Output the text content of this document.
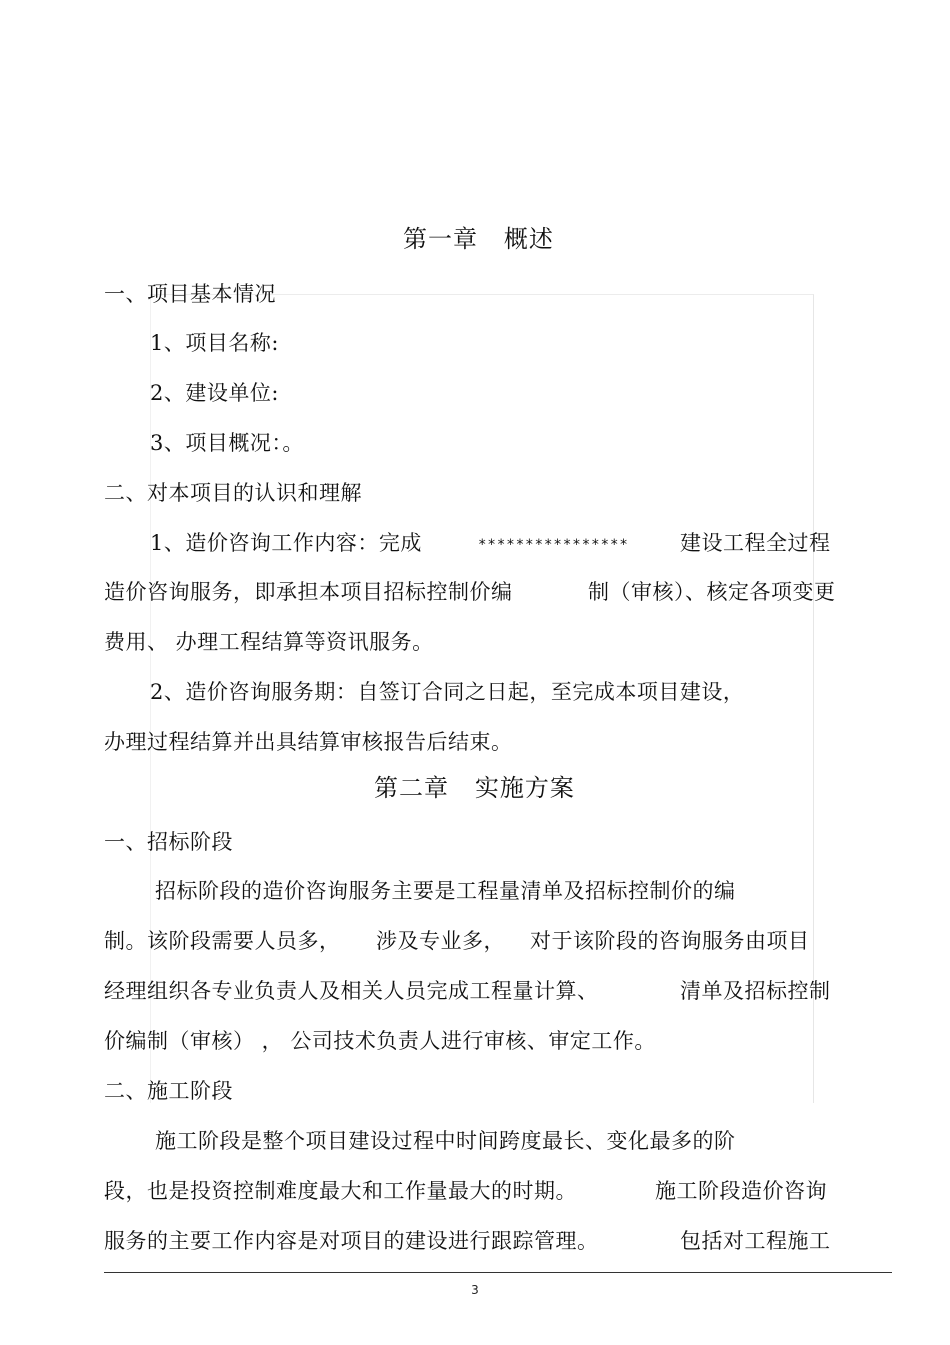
第一章   概述
一、项目基本情况
1、项目名称:
2、建设单位:
3、项目概况：。
二、对本项目的认识和理解
1、造价咨询工作内容：完成	**************** 建设工程全过程
造价咨询服务，即承担本项目招标控制价编	制（审核）、核定各项变更
费用、 办理工程结算等资讯服务。
2、造价咨询服务期：自签订合同之日起，至完成本项目建设，
办理过程结算并出具结算审核报告后结束。
第二章   实施方案
一、招标阶段
招标阶段的造价咨询服务主要是工程量清单及招标控制价的编
制。该阶段需要人员多， 涉及专业多， 对于该阶段的咨询服务由项目
经理组织各专业负责人及相关人员完成工程量计算、	清单及招标控制
价编制（审核） ， 公司技术负责人进行审核、审定工作。
二、施工阶段
施工阶段是整个项目建设过程中时间跨度最长、变化最多的阶
段，也是投资控制难度最大和工作量最大的时期。	施工阶段造价咨询
服务的主要工作内容是对项目的建设进行跟踪管理。	包括对工程施工
3
